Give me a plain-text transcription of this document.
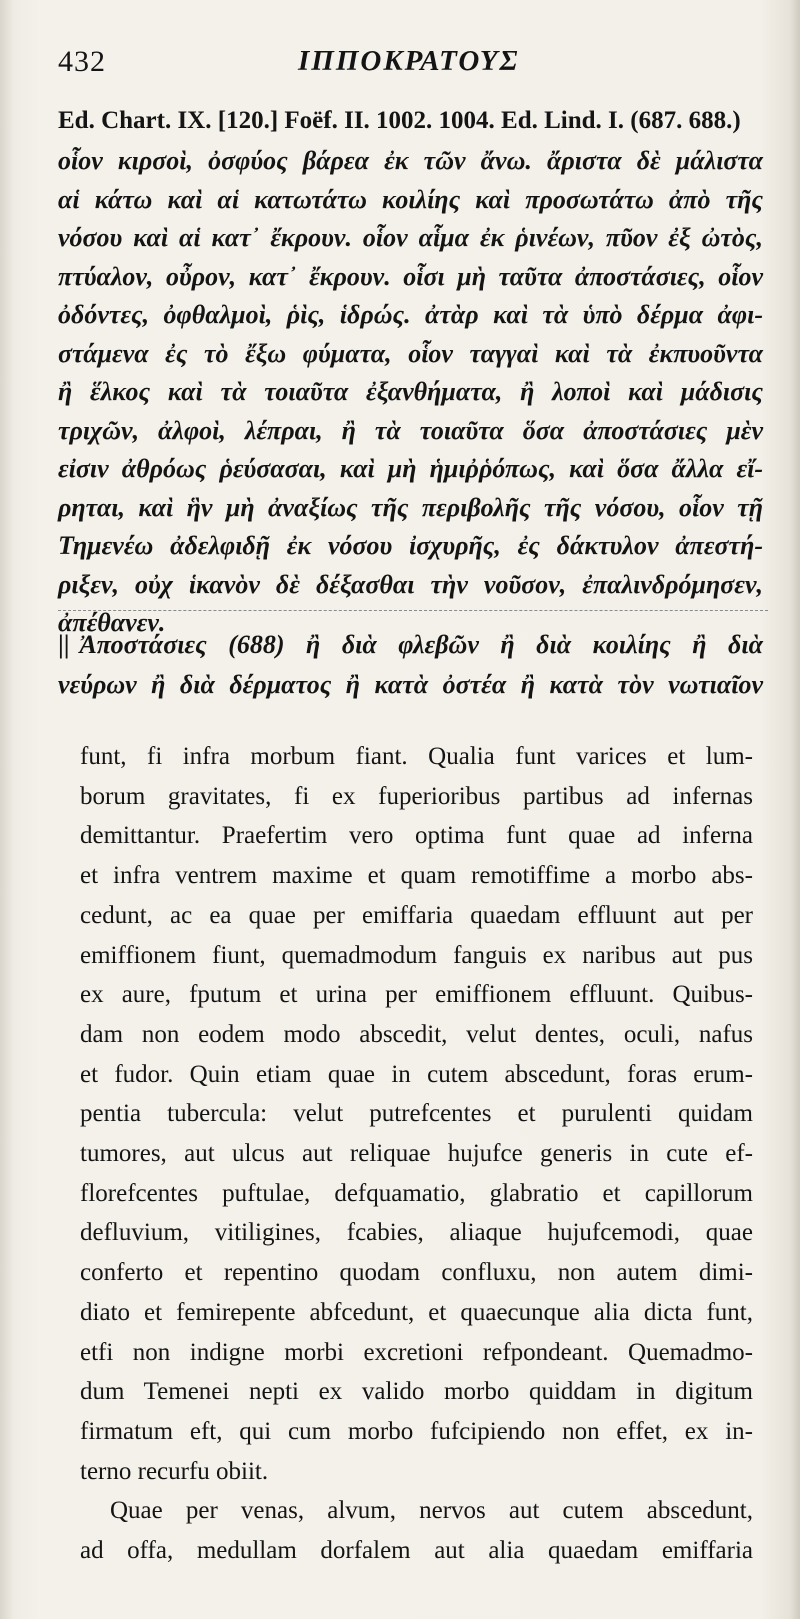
432	ΙΠΠΟΚΡΑΤΟΥΣ
Ed. Chart. IX. [120.] Foëf. II. 1002. 1004. Ed. Lind. I. (687. 688.)
οἷον κιρσοὶ, ὀσφύος βάρεα ἐκ τῶν ἄνω. ἄριστα δὲ μάλιστα
αἱ κάτω καὶ αἱ κατωτάτω κοιλίης καὶ προσωτάτω ἀπὸ τῆς
νόσου καὶ αἱ κατ᾽ ἔκρουν. οἷον αἷμα ἐκ ῥινέων, πῦον ἐξ ὠτὸς,
πτύαλον, οὖρον, κατ᾽ ἔκρουν. οἷσι μὴ ταῦτα ἀποστάσιες, οἷον
ὀδόντες, ὀφθαλμοὶ, ῥὶς, ἱδρώς. ἀτὰρ καὶ τὰ ὑπὸ δέρμα ἀφι-
στάμενα ἐς τὸ ἔξω φύματα, οἷον ταγγαὶ καὶ τὰ ἐκπυοῦντα
ἢ ἕλκος καὶ τὰ τοιαῦτα ἐξανθήματα, ἢ λοποὶ καὶ μάδισις
τριχῶν, ἀλφοὶ, λέπραι, ἢ τὰ τοιαῦτα ὅσα ἀποστάσιες μὲν
εἰσιν ἀθρόως ῥεύσασαι, καὶ μὴ ἡμιῤῥόπως, καὶ ὅσα ἄλλα εἴ-
ρηται, καὶ ἣν μὴ ἀναξίως τῆς περιβολῆς τῆς νόσου, οἷον τῇ
Τημενέω ἀδελφιδῇ ἐκ νόσου ἰσχυρῆς, ἐς δάκτυλον ἀπεστή-
ριξεν, οὐχ ἱκανὸν δὲ δέξασθαι τὴν νοῦσον, ἐπαλινδρόμησεν,
ἀπέθανεν.
|| Ἀποστάσιες (688) ἢ διὰ φλεβῶν ἢ διὰ κοιλίης ἢ διὰ
νεύρων ἢ διὰ δέρματος ἢ κατὰ ὀστέα ἢ κατὰ τὸν νωτιαῖον
funt, fi infra morbum fiant. Qualia funt varices et lum-
borum gravitates, fi ex fuperioribus partibus ad infernas
demittantur. Praefertim vero optima funt quae ad inferna
et infra ventrem maxime et quam remotiffime a morbo abs-
cedunt, ac ea quae per emiffaria quaedam effluunt aut per
emiffionem fiunt, quemadmodum fanguis ex naribus aut pus
ex aure, fputum et urina per emiffionem effluunt. Quibus-
dam non eodem modo abscedit, velut dentes, oculi, nafus
et fudor. Quin etiam quae in cutem abscedunt, foras erum-
pentia tubercula: velut putrefcentes et purulenti quidam
tumores, aut ulcus aut reliquae hujufce generis in cute ef-
florefcentes puftulae, defquamatio, glabratio et capillorum
defluvium, vitiligines, fcabies, aliaque hujufcemodi, quae
conferto et repentino quodam confluxu, non autem dimi-
diato et femirepente abfcedunt, et quaecunque alia dicta funt,
etfi non indigne morbi excretioni refpondeant. Quemadmo-
dum Temenei nepti ex valido morbo quiddam in digitum
firmatum eft, qui cum morbo fufcipiendo non effet, ex in-
terno recurfu obiit.
Quae per venas, alvum, nervos aut cutem abscedunt,
ad offa, medullam dorfalem aut alia quaedam emiffaria
